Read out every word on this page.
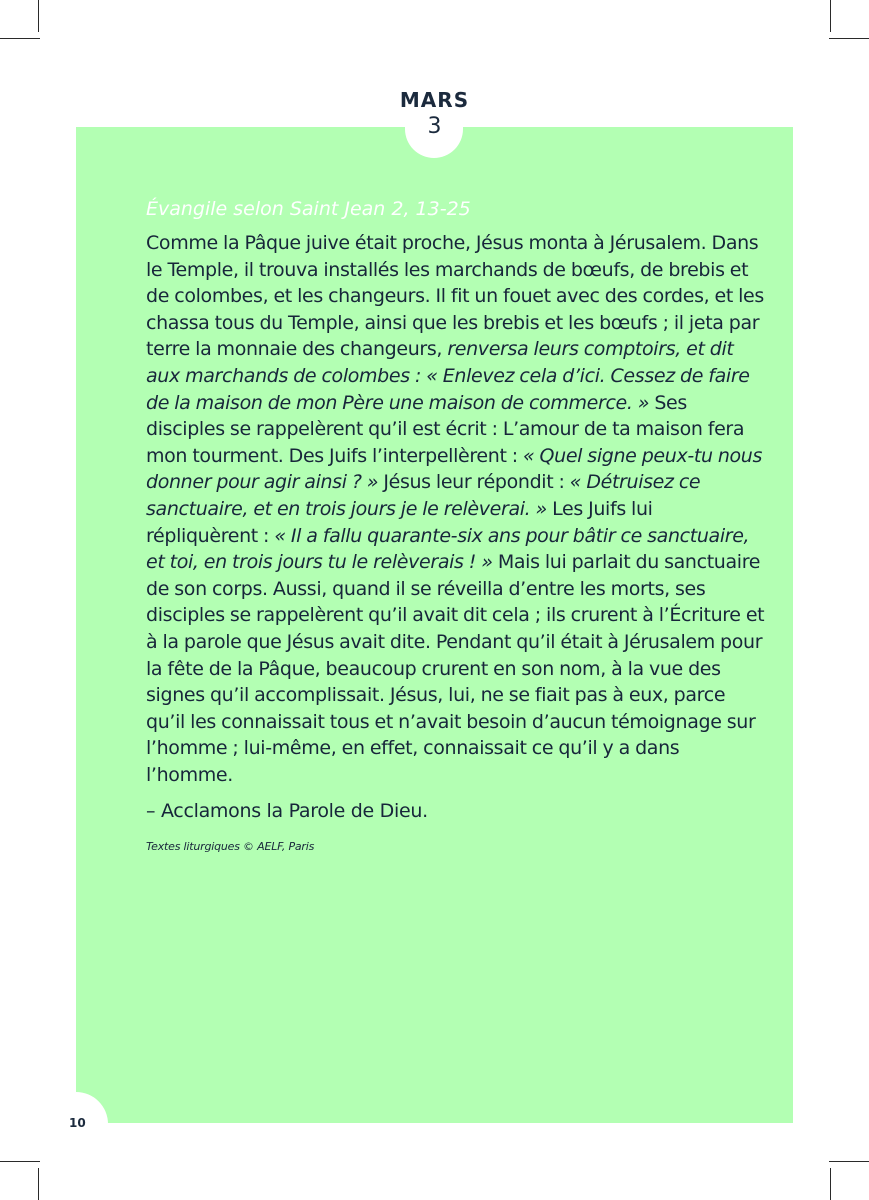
MARS
3
Évangile selon Saint Jean 2, 13-25

Comme la Pâque juive était proche, Jésus monta à Jérusalem. Dans le Temple, il trouva installés les marchands de bœufs, de brebis et de colombes, et les changeurs. Il fit un fouet avec des cordes, et les chassa tous du Temple, ainsi que les brebis et les bœufs ; il jeta par terre la monnaie des changeurs, renversa leurs comptoirs, et dit aux marchands de colombes : « Enlevez cela d’ici. Cessez de faire de la maison de mon Père une maison de commerce. » Ses disciples se rappelèrent qu’il est écrit : L’amour de ta maison fera mon tourment. Des Juifs l’interpellèrent : « Quel signe peux-tu nous donner pour agir ainsi ? » Jésus leur répondit : « Détruisez ce sanctuaire, et en trois jours je le relèverai. » Les Juifs lui répliquèrent : « Il a fallu quarante-six ans pour bâtir ce sanctuaire, et toi, en trois jours tu le relèverais ! » Mais lui parlait du sanctuaire de son corps. Aussi, quand il se réveilla d’entre les morts, ses disciples se rappelèrent qu’il avait dit cela ; ils crurent à l’Écriture et à la parole que Jésus avait dite. Pendant qu’il était à Jérusalem pour la fête de la Pâque, beaucoup crurent en son nom, à la vue des signes qu’il accomplissait. Jésus, lui, ne se fiait pas à eux, parce qu’il les connaissait tous et n’avait besoin d’aucun témoignage sur l’homme ; lui-même, en effet, connaissait ce qu’il y a dans l’homme.

– Acclamons la Parole de Dieu.

Textes liturgiques © AELF, Paris

10
